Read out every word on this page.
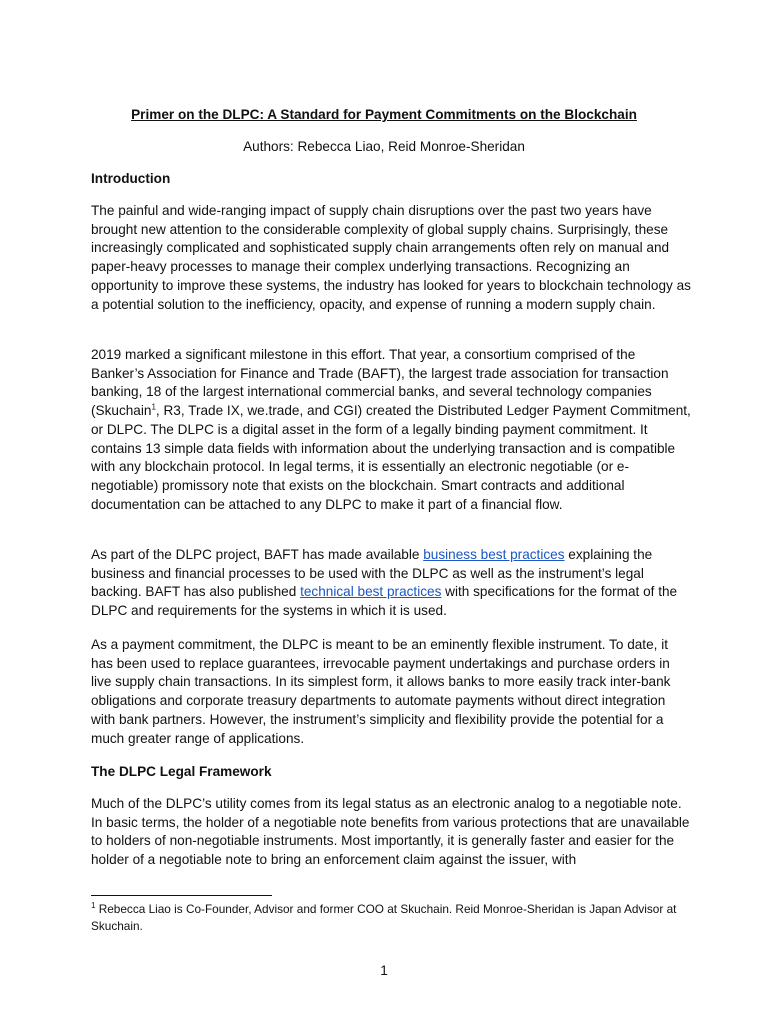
Primer on the DLPC: A Standard for Payment Commitments on the Blockchain
Authors: Rebecca Liao, Reid Monroe-Sheridan
Introduction

The painful and wide-ranging impact of supply chain disruptions over the past two years have brought new attention to the considerable complexity of global supply chains. Surprisingly, these increasingly complicated and sophisticated supply chain arrangements often rely on manual and paper-heavy processes to manage their complex underlying transactions. Recognizing an opportunity to improve these systems, the industry has looked for years to blockchain technology as a potential solution to the inefficiency, opacity, and expense of running a modern supply chain.

2019 marked a significant milestone in this effort. That year, a consortium comprised of the Banker’s Association for Finance and Trade (BAFT), the largest trade association for transaction banking, 18 of the largest international commercial banks, and several technology companies (Skuchain$^1$, R3, Trade IX, we.trade, and CGI) created the Distributed Ledger Payment Commitment, or DLPC. The DLPC is a digital asset in the form of a legally binding payment commitment. It contains 13 simple data fields with information about the underlying transaction and is compatible with any blockchain protocol. In legal terms, it is essentially an electronic negotiable (or e-negotiable) promissory note that exists on the blockchain. Smart contracts and additional documentation can be attached to any DLPC to make it part of a financial flow.

As part of the DLPC project, BAFT has made available business best practices explaining the business and financial processes to be used with the DLPC as well as the instrument’s legal backing. BAFT has also published technical best practices with specifications for the format of the DLPC and requirements for the systems in which it is used.

As a payment commitment, the DLPC is meant to be an eminently flexible instrument. To date, it has been used to replace guarantees, irrevocable payment undertakings and purchase orders in live supply chain transactions. In its simplest form, it allows banks to more easily track inter-bank obligations and corporate treasury departments to automate payments without direct integration with bank partners. However, the instrument’s simplicity and flexibility provide the potential for a much greater range of applications.

The DLPC Legal Framework

Much of the DLPC’s utility comes from its legal status as an electronic analog to a negotiable note. In basic terms, the holder of a negotiable note benefits from various protections that are unavailable to holders of non-negotiable instruments. Most importantly, it is generally faster and easier for the holder of a negotiable note to bring an enforcement claim against the issuer, with

$^1$ Rebecca Liao is Co-Founder, Advisor and former COO at Skuchain. Reid Monroe-Sheridan is Japan Advisor at Skuchain.
1
